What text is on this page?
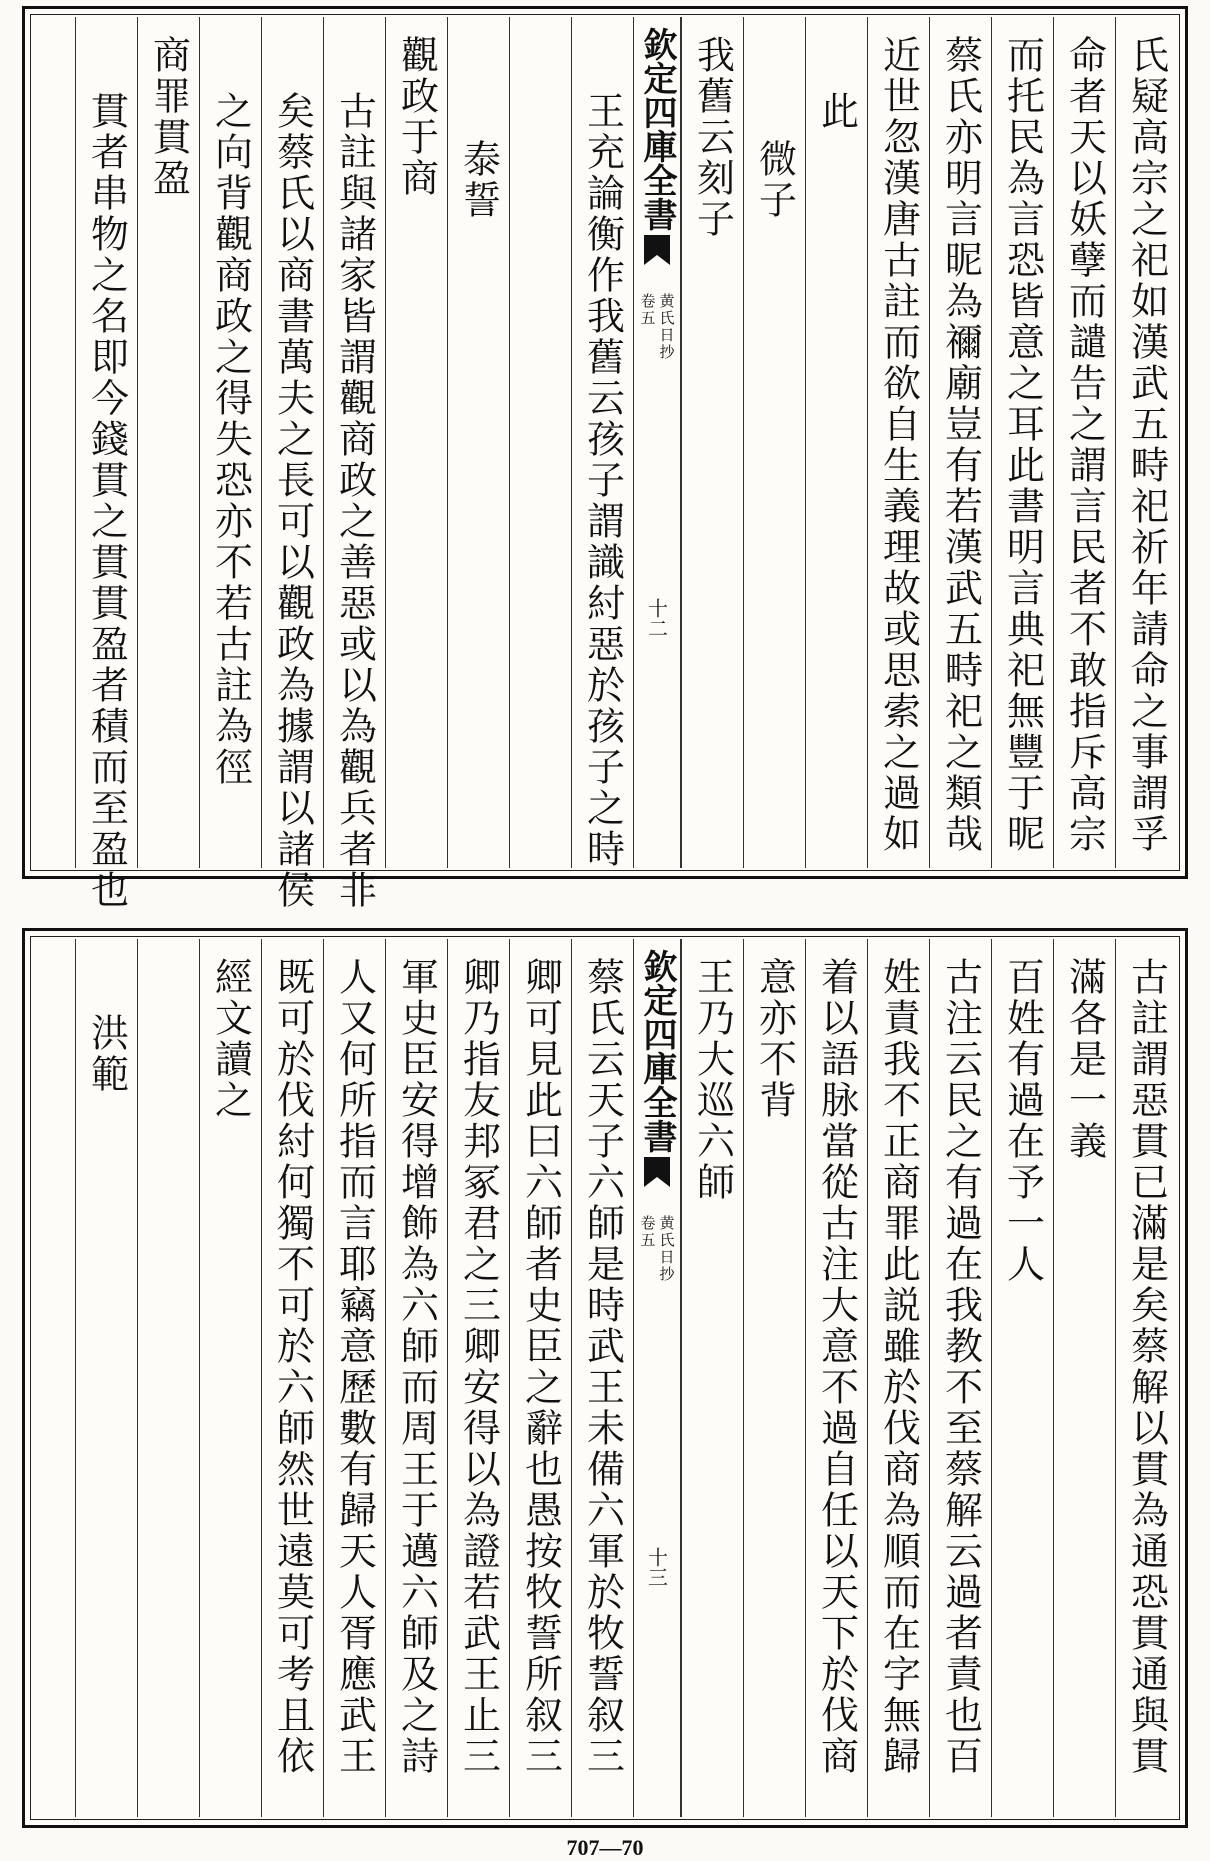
氏疑高宗之祀如漢武五畤祀祈年請命之事謂孚
命者天以妖孽而譴告之謂言民者不敢指斥高宗
而托民為言恐皆意之耳此書明言典祀無豐于昵
蔡氏亦明言昵為禰廟豈有若漢武五畤祀之類哉
近世忽漢唐古註而欲自生義理故或思索之過如
此
微子
我舊云刻子
欽定四庫全書
黄氏日抄
卷五
十二
王充論衡作我舊云孩子謂識紂惡於孩子之時
泰誓
觀政于商
古註與諸家皆謂觀商政之善惡或以為觀兵者非
矣蔡氏以商書萬夫之長可以觀政為據謂以諸侯
之向背觀商政之得失恐亦不若古註為徑
商罪貫盈
貫者串物之名即今錢貫之貫貫盈者積而至盈也
古註謂惡貫已滿是矣蔡解以貫為通恐貫通與貫
滿各是一義
百姓有過在予一人
古注云民之有過在我教不至蔡解云過者責也百
姓責我不正商罪此説雖於伐商為順而在字無歸
着以語脉當從古注大意不過自任以天下於伐商
意亦不背
王乃大巡六師
欽定四庫全書
黄氏日抄
卷五
十三
蔡氏云天子六師是時武王未備六軍於牧誓叙三
卿可見此曰六師者史臣之辭也愚按牧誓所叙三
卿乃指友邦冢君之三卿安得以為證若武王止三
軍史臣安得增飾為六師而周王于邁六師及之詩
人又何所指而言耶竊意歷數有歸天人胥應武王
既可於伐紂何獨不可於六師然世遠莫可考且依
經文讀之
洪範
707—70
